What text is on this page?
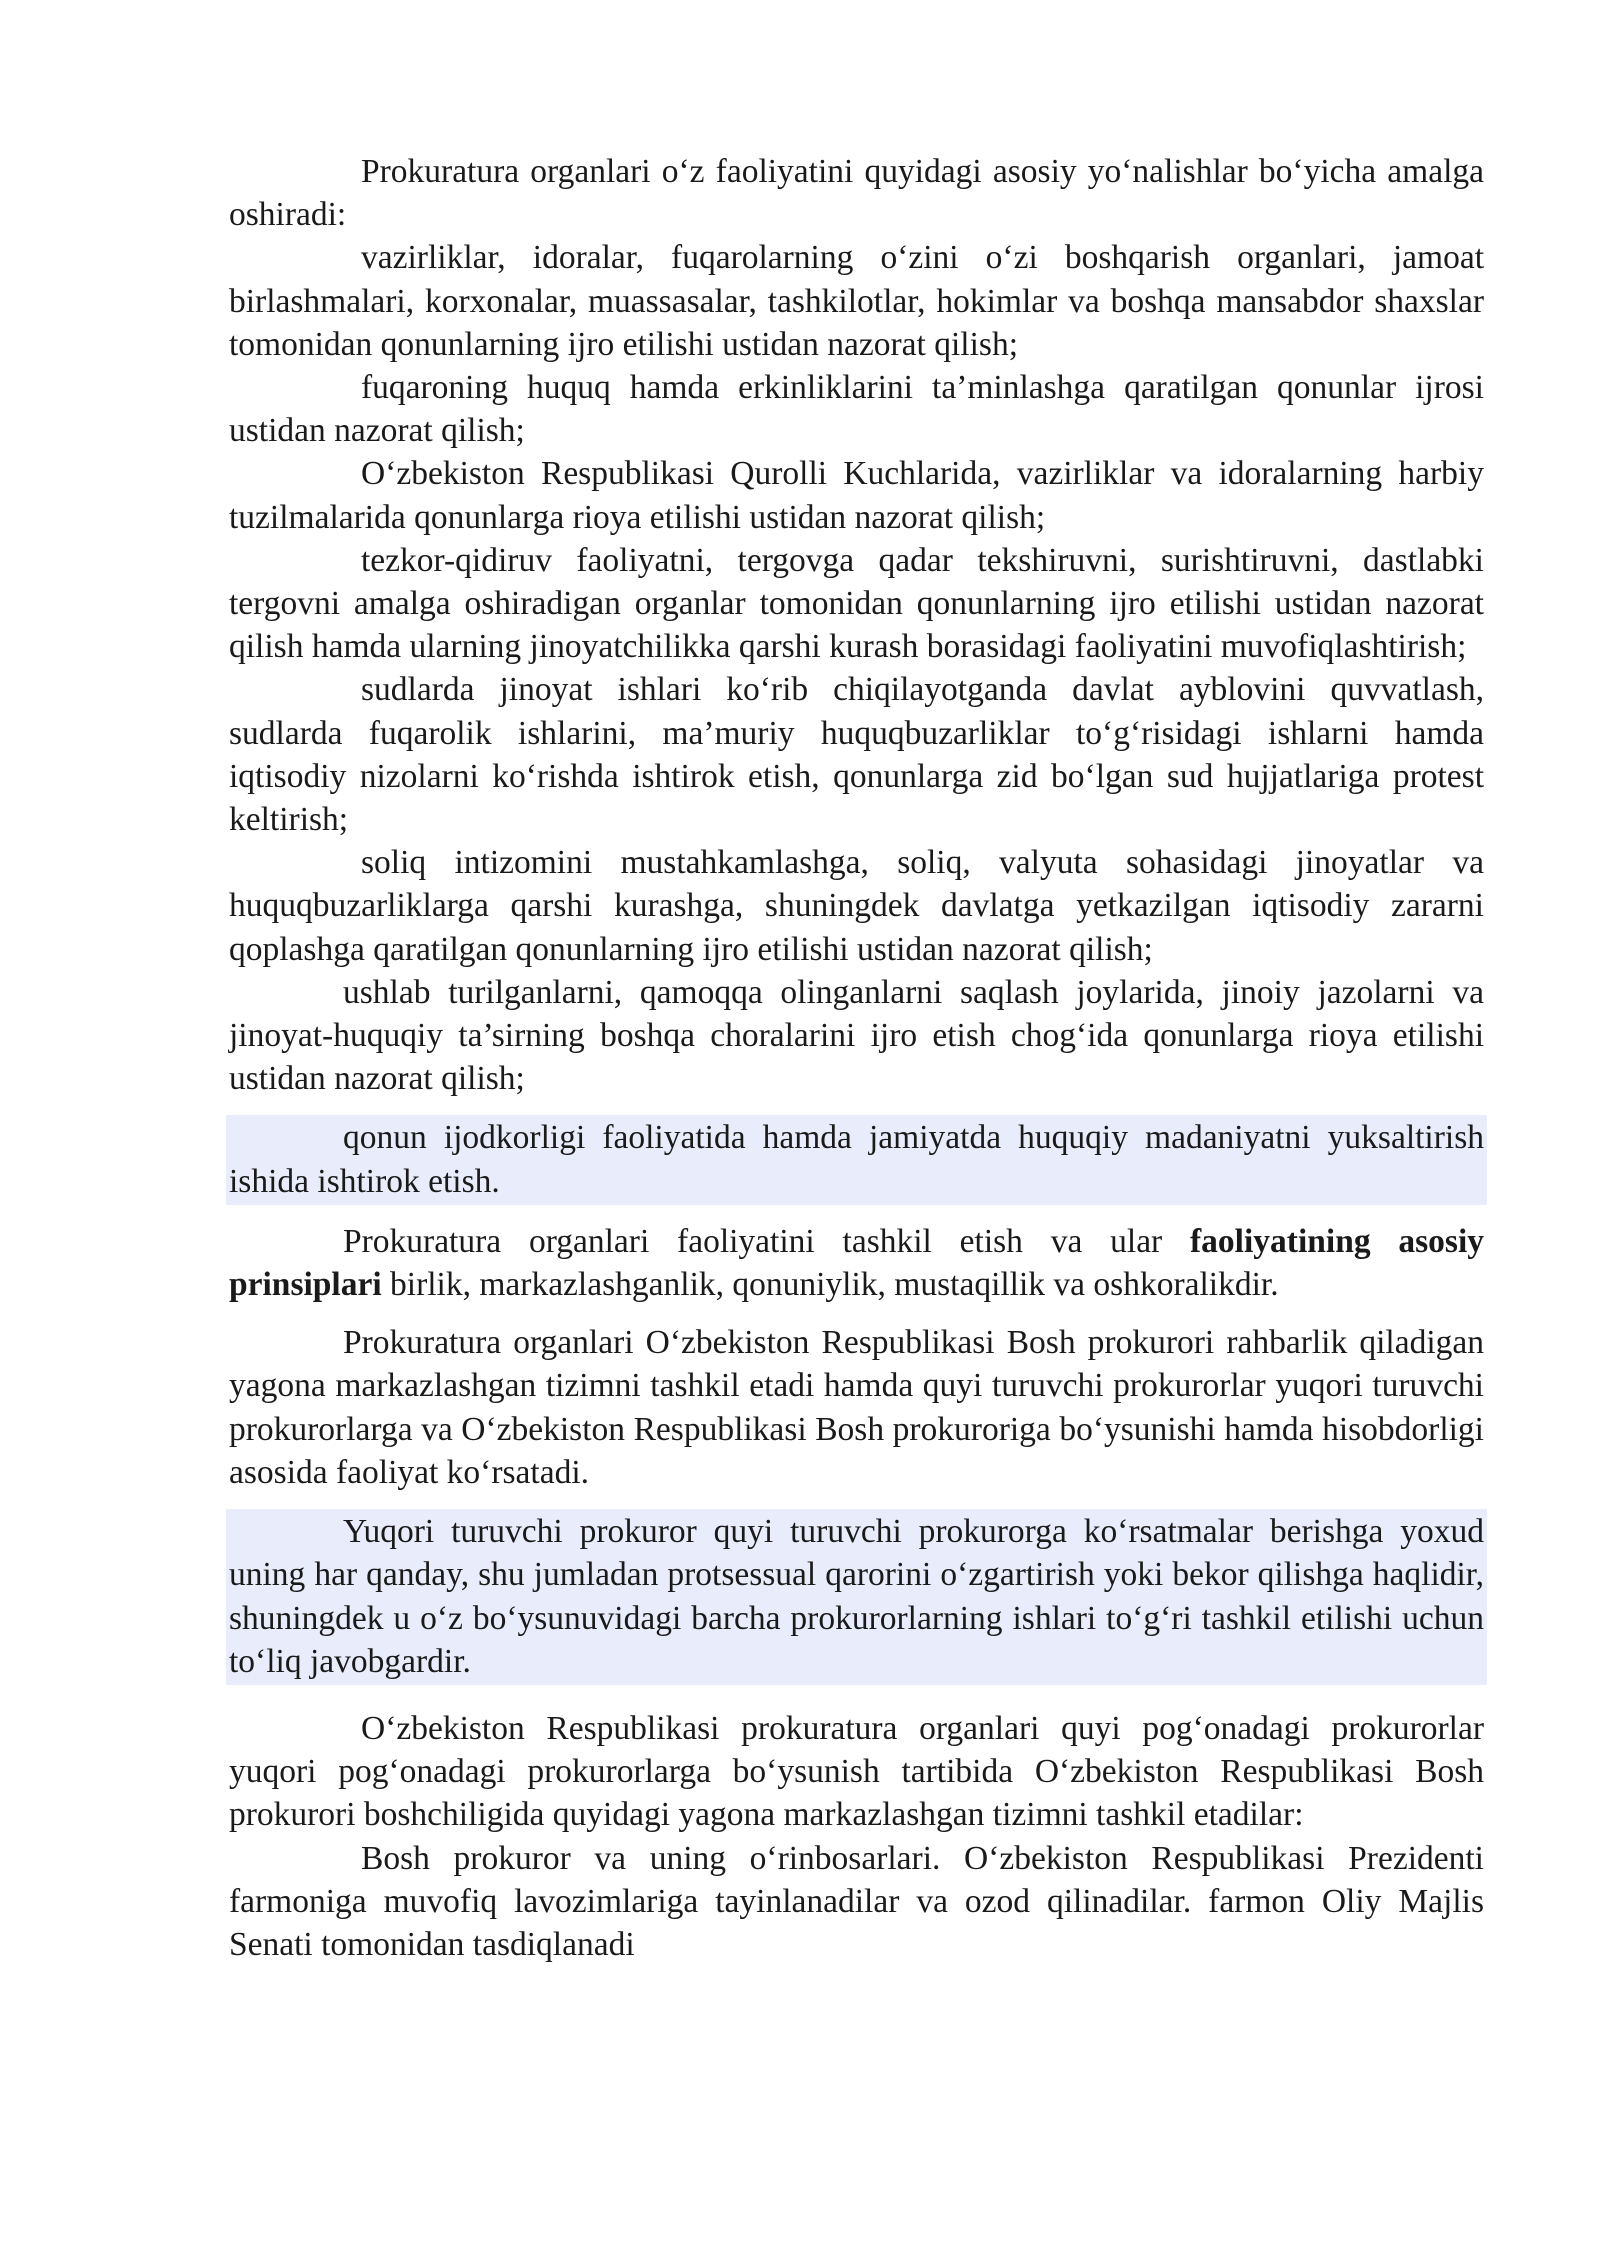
Prokuratura organlari o‘z faoliyatini quyidagi asosiy yo‘nalishlar bo‘yicha amalga oshiradi:

vazirliklar, idoralar, fuqarolarning o‘zini o‘zi boshqarish organlari, jamoat birlashmalari, korxonalar, muassasalar, tashkilotlar, hokimlar va boshqa mansabdor shaxslar tomonidan qonunlarning ijro etilishi ustidan nazorat qilish;

fuqaroning huquq hamda erkinliklarini ta’minlashga qaratilgan qonunlar ijrosi ustidan nazorat qilish;

O‘zbekiston Respublikasi Qurolli Kuchlarida, vazirliklar va idoralarning harbiy tuzilmalarida qonunlarga rioya etilishi ustidan nazorat qilish;

tezkor-qidiruv faoliyatni, tergovga qadar tekshiruvni, surishtiruvni, dastlabki tergovni amalga oshiradigan organlar tomonidan qonunlarning ijro etilishi ustidan nazorat qilish hamda ularning jinoyatchilikka qarshi kurash borasidagi faoliyatini muvofiqlashtirish;

sudlarda jinoyat ishlari ko‘rib chiqilayotganda davlat ayblovini quvvatlash, sudlarda fuqarolik ishlarini, ma’muriy huquqbuzarliklar to‘g‘risidagi ishlarni hamda iqtisodiy nizolarni ko‘rishda ishtirok etish, qonunlarga zid bo‘lgan sud hujjatlariga protest keltirish;

soliq intizomini mustahkamlashga, soliq, valyuta sohasidagi jinoyatlar va huquqbuzarliklarga qarshi kurashga, shuningdek davlatga yetkazilgan iqtisodiy zararni qoplashga qaratilgan qonunlarning ijro etilishi ustidan nazorat qilish;

ushlab turilganlarni, qamoqqa olinganlarni saqlash joylarida, jinoiy jazolarni va jinoyat-huquqiy ta’sirning boshqa choralarini ijro etish chog‘ida qonunlarga rioya etilishi ustidan nazorat qilish;

qonun ijodkorligi faoliyatida hamda jamiyatda huquqiy madaniyatni yuksaltirish ishida ishtirok etish.

Prokuratura organlari faoliyatini tashkil etish va ular faoliyatining asosiy prinsiplari birlik, markazlashganlik, qonuniylik, mustaqillik va oshkoralikdir.

Prokuratura organlari O‘zbekiston Respublikasi Bosh prokurori rahbarlik qiladigan yagona markazlashgan tizimni tashkil etadi hamda quyi turuvchi prokurorlar yuqori turuvchi prokurorlarga va O‘zbekiston Respublikasi Bosh prokuroriga bo‘ysunishi hamda hisobdorligi asosida faoliyat ko‘rsatadi.

Yuqori turuvchi prokuror quyi turuvchi prokurorga ko‘rsatmalar berishga yoxud uning har qanday, shu jumladan protsessual qarorini o‘zgartirish yoki bekor qilishga haqlidir, shuningdek u o‘z bo‘ysunuvidagi barcha prokurorlarning ishlari to‘g‘ri tashkil etilishi uchun to‘liq javobgardir.

O‘zbekiston Respublikasi prokuratura organlari quyi pog‘onadagi prokurorlar yuqori pog‘onadagi prokurorlarga bo‘ysunish tartibida O‘zbekiston Respublikasi Bosh prokurori boshchiligida quyidagi yagona markazlashgan tizimni tashkil etadilar:

Bosh prokuror va uning o‘rinbosarlari. O‘zbekiston Respublikasi Prezidenti farmoniga muvofiq lavozimlariga tayinlanadilar va ozod qilinadilar. farmon Oliy Majlis Senati tomonidan tasdiqlanadi
